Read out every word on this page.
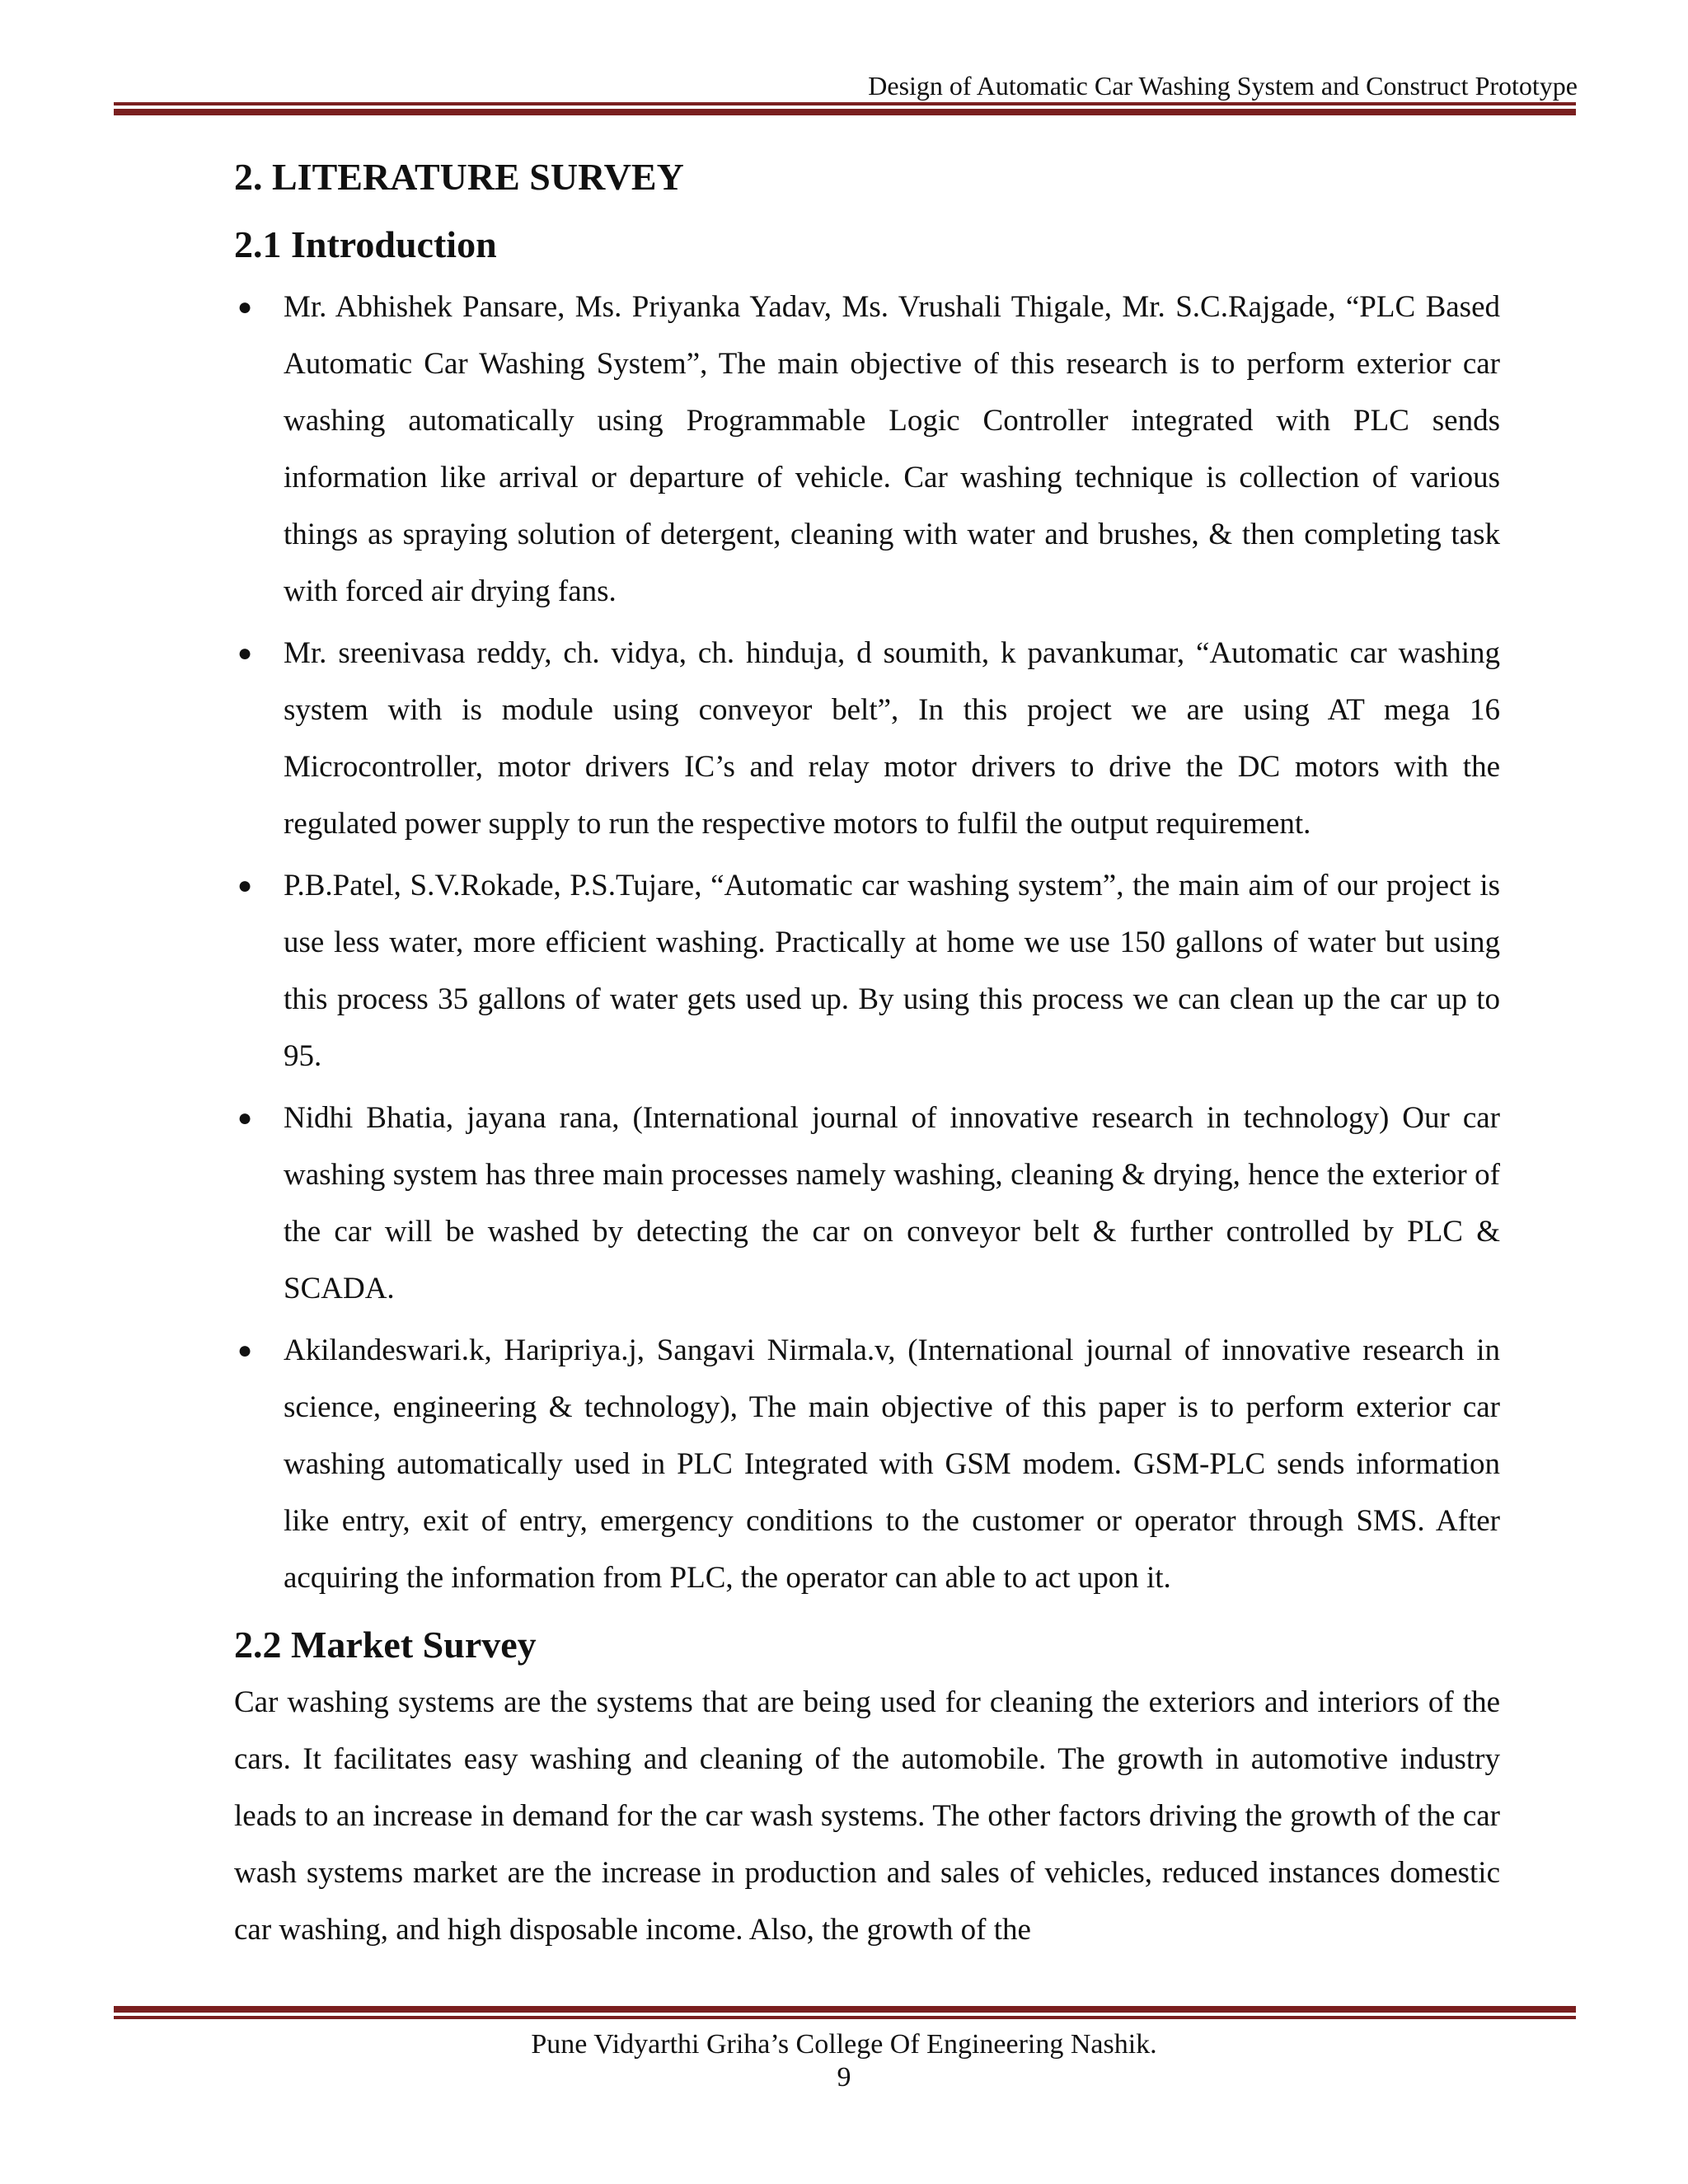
Design of Automatic Car Washing System and Construct Prototype
2. LITERATURE SURVEY
2.1 Introduction
● Mr. Abhishek Pansare, Ms. Priyanka Yadav, Ms. Vrushali Thigale, Mr. S.C.Rajgade, “PLC Based Automatic Car Washing System”, The main objective of this research is to perform exterior car washing automatically using Programmable Logic Controller integrated with PLC sends information like arrival or departure of vehicle. Car washing technique is collection of various things as spraying solution of detergent, cleaning with water and brushes, & then completing task with forced air drying fans.
● Mr. sreenivasa reddy, ch. vidya, ch. hinduja, d soumith, k pavankumar, “Automatic car washing system with is module using conveyor belt”, In this project we are using AT mega 16 Microcontroller, motor drivers IC’s and relay motor drivers to drive the DC motors with the regulated power supply to run the respective motors to fulfil the output requirement.
● P.B.Patel, S.V.Rokade, P.S.Tujare, “Automatic car washing system”, the main aim of our project is use less water, more efficient washing. Practically at home we use 150 gallons of water but using this process 35 gallons of water gets used up. By using this process we can clean up the car up to 95.
● Nidhi Bhatia, jayana rana, (International journal of innovative research in technology) Our car washing system has three main processes namely washing, cleaning & drying, hence the exterior of the car will be washed by detecting the car on conveyor belt & further controlled by PLC & SCADA.
● Akilandeswari.k, Haripriya.j, Sangavi Nirmala.v, (International journal of innovative research in science, engineering & technology), The main objective of this paper is to perform exterior car washing automatically used in PLC Integrated with GSM modem. GSM-PLC sends information like entry, exit of entry, emergency conditions to the customer or operator through SMS. After acquiring the information from PLC, the operator can able to act upon it.
2.2 Market Survey

Car washing systems are the systems that are being used for cleaning the exteriors and interiors of the cars. It facilitates easy washing and cleaning of the automobile. The growth in automotive industry leads to an increase in demand for the car wash systems. The other factors driving the growth of the car wash systems market are the increase in production and sales of vehicles, reduced instances domestic car washing, and high disposable income. Also, the growth of the

Pune Vidyarthi Griha’s College Of Engineering Nashik.
9
